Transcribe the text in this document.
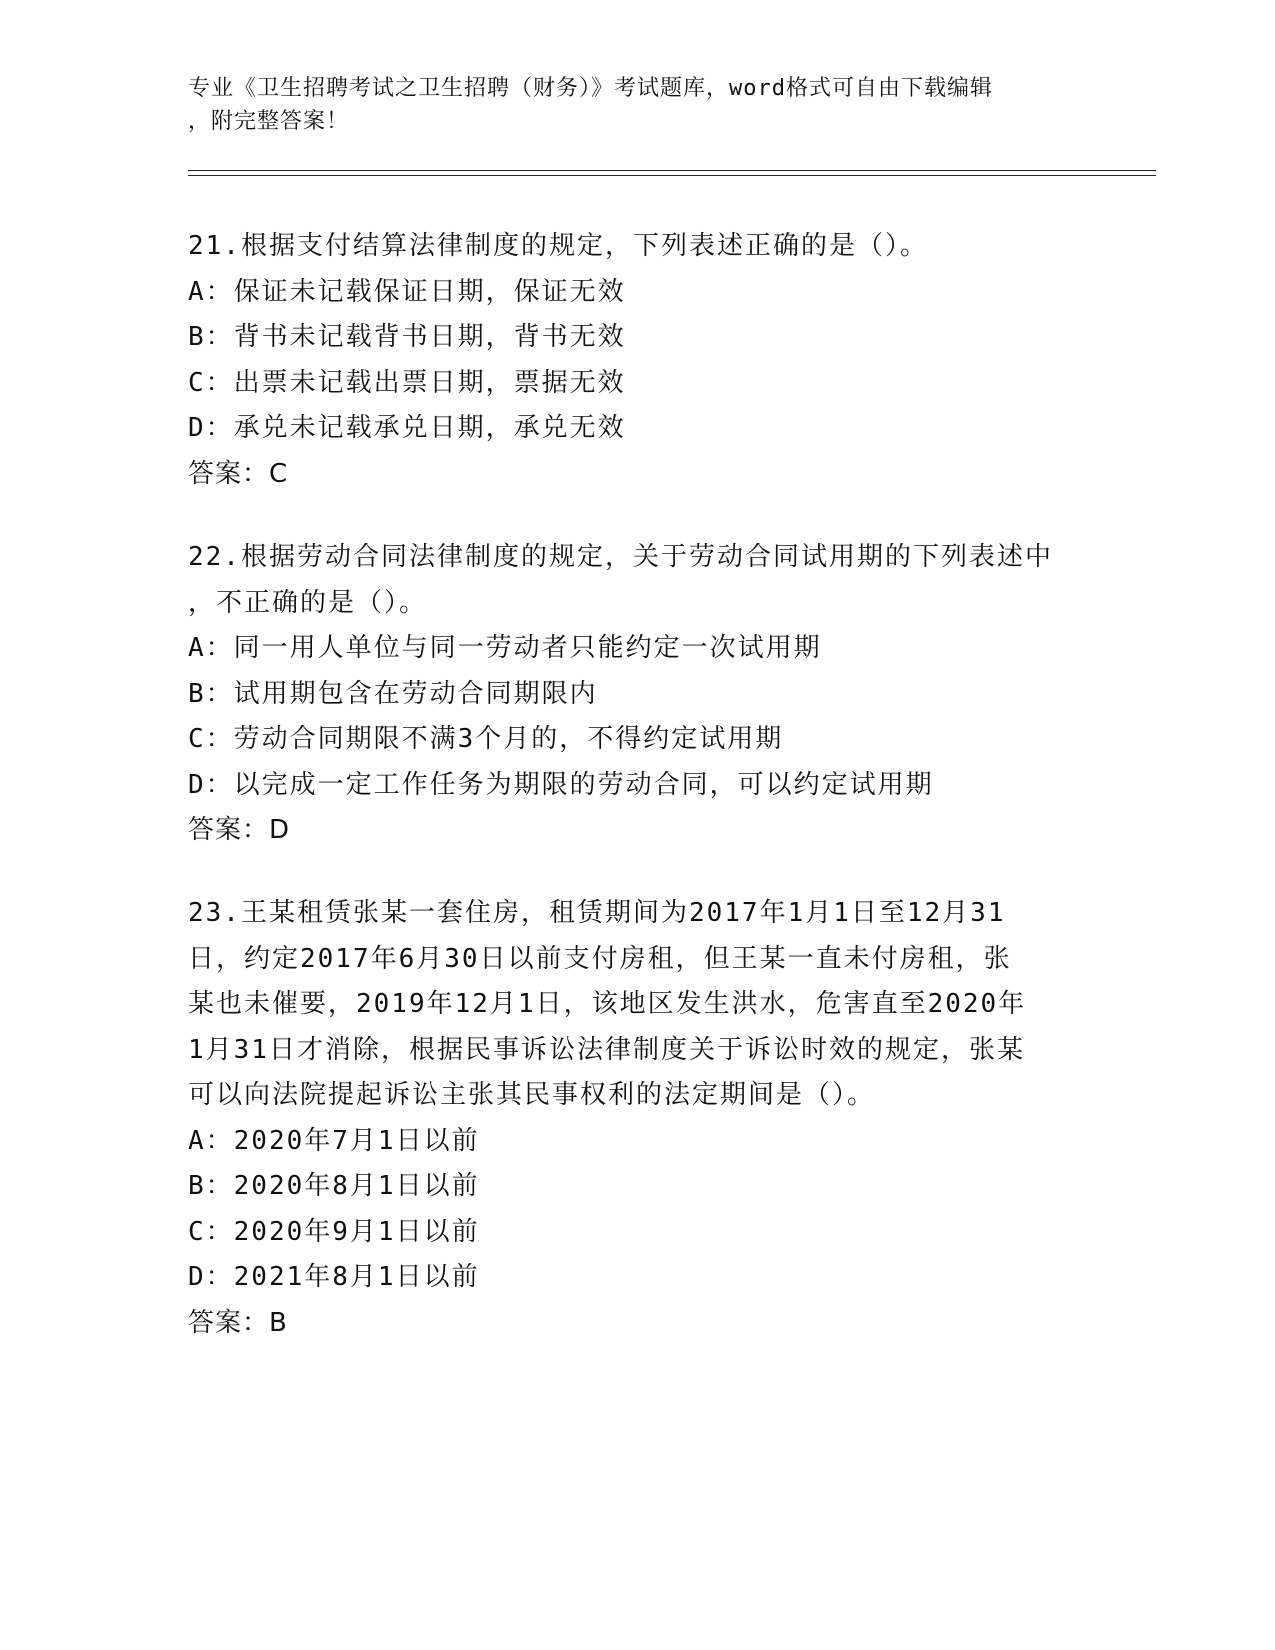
专业《卫生招聘考试之卫生招聘（财务）》考试题库，word格式可自由下载编辑
，附完整答案！
21.根据支付结算法律制度的规定，下列表述正确的是（）。
A：保证未记载保证日期，保证无效
B：背书未记载背书日期，背书无效
C：出票未记载出票日期，票据无效
D：承兑未记载承兑日期，承兑无效
答案：C
22.根据劳动合同法律制度的规定，关于劳动合同试用期的下列表述中
，不正确的是（）。
A：同一用人单位与同一劳动者只能约定一次试用期
B：试用期包含在劳动合同期限内
C：劳动合同期限不满3个月的，不得约定试用期
D：以完成一定工作任务为期限的劳动合同，可以约定试用期
答案：D
23.王某租赁张某一套住房，租赁期间为2017年1月1日至12月31
日，约定2017年6月30日以前支付房租，但王某一直未付房租，张
某也未催要，2019年12月1日，该地区发生洪水，危害直至2020年
1月31日才消除，根据民事诉讼法律制度关于诉讼时效的规定，张某
可以向法院提起诉讼主张其民事权利的法定期间是（）。
A：2020年7月1日以前
B：2020年8月1日以前
C：2020年9月1日以前
D：2021年8月1日以前
答案：B
